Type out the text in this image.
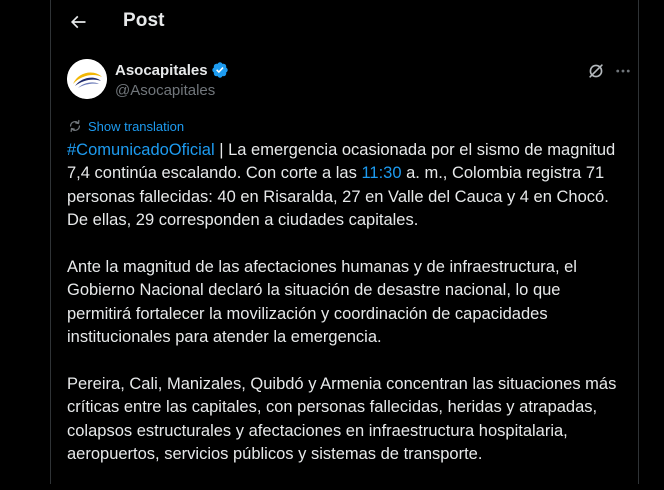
Post
Asocapitales
@Asocapitales
Show translation

#ComunicadoOficial | La emergencia ocasionada por el sismo de magnitud 7,4 continúa escalando. Con corte a las 11:30 a. m., Colombia registra 71 personas fallecidas: 40 en Risaralda, 27 en Valle del Cauca y 4 en Chocó. De ellas, 29 corresponden a ciudades capitales.

Ante la magnitud de las afectaciones humanas y de infraestructura, el Gobierno Nacional declaró la situación de desastre nacional, lo que permitirá fortalecer la movilización y coordinación de capacidades institucionales para atender la emergencia.

Pereira, Cali, Manizales, Quibdó y Armenia concentran las situaciones más críticas entre las capitales, con personas fallecidas, heridas y atrapadas, colapsos estructurales y afectaciones en infraestructura hospitalaria, aeropuertos, servicios públicos y sistemas de transporte.
